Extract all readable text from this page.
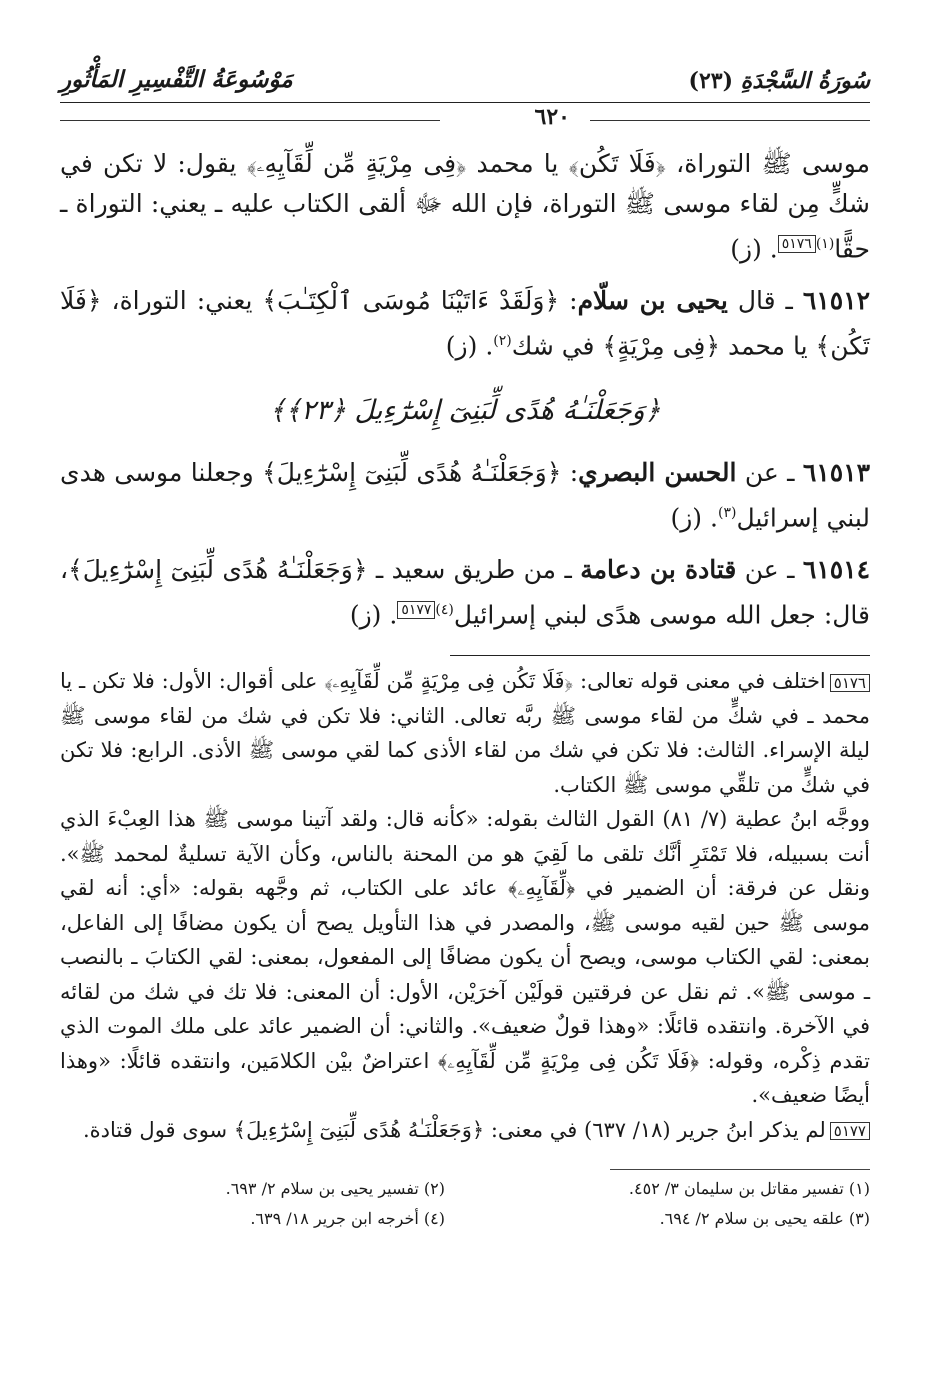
سُورَةُ السَّجْدَةِ (٢٣)
مَوْسُوعَةُ التَّفْسِيرِ المَأْثُورِ
٦٢٠

موسى ﷺ التوراة، ﴿فَلَا تَكُن﴾ يا محمد ﴿فِى مِرْيَةٍ مِّن لِّقَآيِهِۦ﴾ يقول: لا تكن في شكٍّ مِن لقاء موسى ﷺ التوراة، فإن الله ﷻ ألقى الكتاب عليه ـ يعني: التوراة ـ حقًّا$^{(١)٥١٧٦}$. (ز)

٦١٥١٢ ـ قال يحيى بن سلّام: ﴿وَلَقَدْ ءَاتَيْنَا مُوسَى ٱلْكِتَـٰبَ﴾ يعني: التوراة، ﴿فَلَا تَكُن﴾ يا محمد ﴿فِى مِرْيَةٍ﴾ في شك$^{(٢)}$. (ز)

﴿وَجَعَلْنَـٰهُ هُدًى لِّبَنِىٓ إِسْرَٰٓءِيلَ ﴿٢٣﴾﴾

٦١٥١٣ ـ عن الحسن البصري: ﴿وَجَعَلْنَـٰهُ هُدًى لِّبَنِىٓ إِسْرَٰٓءِيلَ﴾ وجعلنا موسى هدى لبني إسرائيل$^{(٣)}$. (ز)

٦١٥١٤ ـ عن قتادة بن دعامة ـ من طريق سعيد ـ ﴿وَجَعَلْنَـٰهُ هُدًى لِّبَنِىٓ إِسْرَٰٓءِيلَ﴾، قال: جعل الله موسى هدًى لبني إسرائيل$^{(٤)٥١٧٧}$. (ز)

٥١٧٦اختلف في معنى قوله تعالى: ﴿فَلَا تَكُن فِى مِرْيَةٍ مِّن لِّقَآيِهِۦ﴾ على أقوال: الأول: فلا تكن ـ يا محمد ـ في شكٍّ من لقاء موسى ﷺ ربَّه تعالى. الثاني: فلا تكن في شك من لقاء موسى ﷺ ليلة الإسراء. الثالث: فلا تكن في شك من لقاء الأذى كما لقي موسى ﷺ الأذى. الرابع: فلا تكن في شكٍّ من تلقِّي موسى ﷺ الكتاب.

ووجَّه ابنُ عطية (٧/ ٨١) القول الثالث بقوله: «كأنه قال: ولقد آتينا موسى ﷺ هذا العِبْءَ الذي أنت بسبيله، فلا تَمْتَرِ أنَّك تلقى ما لَقِيَ هو من المحنة بالناس، وكأن الآية تسليةٌ لمحمد ﷺ». ونقل عن فرقة: أن الضمير في ﴿لِّقَآيِهِۦ﴾ عائد على الكتاب، ثم وجَّهه بقوله: «أي: أنه لقي موسى ﷺ حين لقيه موسى ﷺ، والمصدر في هذا التأويل يصح أن يكون مضافًا إلى الفاعل، بمعنى: لقي الكتاب موسى، ويصح أن يكون مضافًا إلى المفعول، بمعنى: لقي الكتابَ ـ بالنصب ـ موسى ﷺ». ثم نقل عن فرقتين قولَيْن آخرَيْن، الأول: أن المعنى: فلا تك في شك من لقائه في الآخرة. وانتقده قائلًا: «وهذا قولٌ ضعيف». والثاني: أن الضمير عائد على ملك الموت الذي تقدم ذِكْره، وقوله: ﴿فَلَا تَكُن فِى مِرْيَةٍ مِّن لِّقَآيِهِۦ﴾ اعتراضٌ بيْن الكلامَين، وانتقده قائلًا: «وهذا أيضًا ضعيف».

٥١٧٧لم يذكر ابنُ جرير (١٨/ ٦٣٧) في معنى: ﴿وَجَعَلْنَـٰهُ هُدًى لِّبَنِىٓ إِسْرَٰٓءِيلَ﴾ سوى قول قتادة.

(١) تفسير مقاتل بن سليمان ٣/ ٤٥٢.
(٢) تفسير يحيى بن سلام ٢/ ٦٩٣.
(٣) علقه يحيى بن سلام ٢/ ٦٩٤.
(٤) أخرجه ابن جرير ١٨/ ٦٣٩.
